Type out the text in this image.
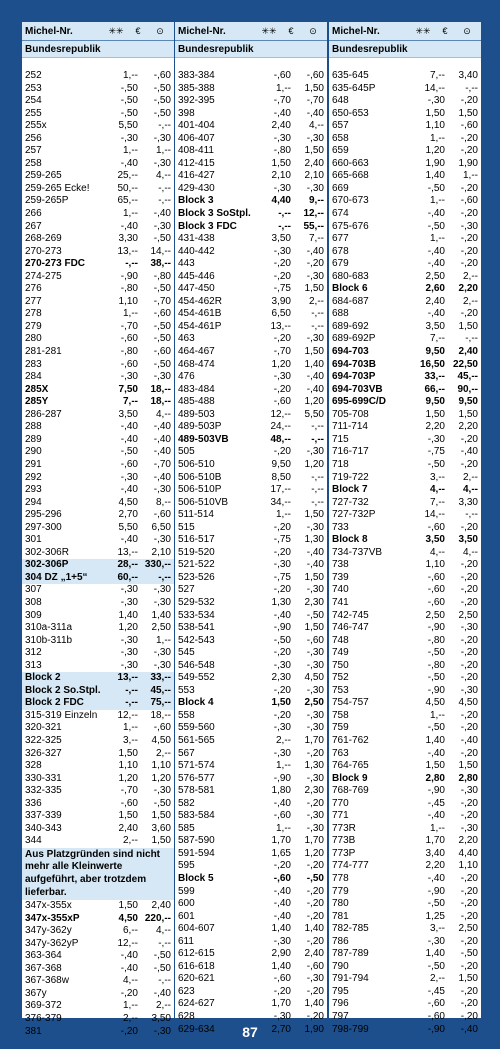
Michel-Nr.	✳✳	€	⊙
Bundesrepublik
252	1,-- -,60
253	-,50 -,50
254	-,50 -,50
255	-,50 -,50
255x	5,50 -,--
256	-,30 -,30
257	1,-- 1,--
258	-,40 -,30
259-265	25,-- 4,--
259-265 Ecke!	50,-- -,--
259-265P	65,-- -,--
266	1,-- -,40
267	-,40 -,30
268-269	3,30 -,50
270-273	13,-- 14,--
270-273 FDC	-,-- 38,--
274-275	-,90 -,80
276	-,80 -,50
277	1,10 -,70
278	1,-- -,60
279	-,70 -,50
280	-,60 -,50
281-281	-,80 -,60
283	-,60 -,50
284	-,30 -,30
285X	7,50 18,--
285Y	7,-- 18,--
286-287	3,50 4,--
288	-,40 -,40
289	-,40 -,40
290	-,50 -,40
291	-,60 -,70
292	-,30 -,40
293	-,40 -,30
294	4,50 8,--
295-296	2,70 -,60
297-300	5,50 6,50
301	-,40 -,30
302-306R	13,-- 2,10
302-306P	28,-- 330,--
304 DZ „1+5“	60,-- -,--
307	-,30 -,30
308	-,30 -,30
309	1,40 1,40
310a-311a	1,20 2,50
310b-311b	-,30 1,--
312	-,30 -,30
313	-,30 -,30
Block 2	13,-- 33,--
Block 2 So.Stpl. -,-- 45,--
Block 2 FDC	-,-- 75,--
315-319 Einzeln 12,-- 18,--
320-321	1,-- -,60
322-325	3,-- 4,50
326-327	1,50 2,--
328	1,10 1,10
330-331	1,20 1,20
332-335	-,70 -,30
336	-,60 -,50
337-339	1,50 1,50
340-343	2,40 3,60
344	2,-- 1,50
Aus Platzgründen sind nicht mehr alle Kleinwerte aufgeführt, aber trotzdem lieferbar.
347x-355x	1,50 2,40
347x-355xP	4,50 220,--
347y-362y	6,-- 4,--
347y-362yP	12,-- -,--
363-364	-,40 -,50
367-368	-,40 -,50
367-368w	4,-- -,--
367y	-,20 -,40
369-372	1,-- 2,--
376-379	2,-- 3,50
381	-,20 -,30
Michel-Nr.	✳✳	€	⊙
Bundesrepublik
383-384	-,60 -,60
385-388	1,-- 1,50
392-395	-,70 -,70
398	-,40 -,40
401-404	2,40 4,--
406-407	-,30 -,30
408-411	-,80 1,50
412-415	1,50 2,40
416-427	2,10 2,10
429-430	-,30 -,30
Block 3	4,40 9,--
Block 3 SoStpl.	-,-- 12,--
Block 3 FDC	-,-- 55,--
431-438	3,50 7,--
440-442	-,30 -,40
443	-,20 -,20
445-446	-,20 -,30
447-450	-,75 1,50
454-462R	3,90 2,--
454-461B	6,50 -,--
454-461P	13,-- -,--
463	-,20 -,30
464-467	-,70 1,50
468-474	1,20 1,40
476	-,30 -,40
483-484	-,20 -,40
485-488	-,60 1,20
489-503	12,-- 5,50
489-503P	24,-- -,--
489-503VB	48,-- -,--
505	-,20 -,30
506-510	9,50 1,20
506-510B	8,50 -,--
506-510P	17,-- -,--
506-510VB	34,-- -,--
511-514	1,-- 1,50
515	-,20 -,30
516-517	-,75 1,30
519-520	-,20 -,40
521-522	-,30 -,40
523-526	-,75 1,50
527	-,20 -,30
529-532	1,30 2,30
533-534	-,40 -,50
538-541	-,90 1,50
542-543	-,50 -,60
545	-,20 -,30
546-548	-,30 -,30
549-552	2,30 4,50
553	-,20 -,30
Block 4	1,50 2,50
558	-,20 -,30
559-560	-,30 -,30
561-565	2,-- 1,70
567	-,30 -,20
571-574	1,-- 1,30
576-577	-,90 -,30
578-581	1,80 2,30
582	-,40 -,20
583-584	-,60 -,30
585	1,-- -,30
587-590	1,70 1,70
591-594	1,65 1,20
595	-,20 -,20
Block 5	-,60 -,50
599	-,40 -,20
600	-,40 -,20
601	-,40 -,20
604-607	1,40 1,40
611	-,30 -,20
612-615	2,90 2,40
616-618	1,40 -,60
620-621	-,60 -,30
623	-,20 -,20
624-627	1,70 1,40
628	-,30 -,20
629-634	2,70 1,90
Michel-Nr.	✳✳	€	⊙
Bundesrepublik
635-645	7,-- 3,40
635-645P	14,-- -,--
648	-,30 -,20
650-653	1,50 1,50
657	1,10 -,60
658	1,-- -,20
659	1,20 -,20
660-663	1,90 1,90
665-668	1,40 1,--
669	-,50 -,20
670-673	1,-- -,60
674	-,40 -,20
675-676	-,50 -,30
677	1,-- -,20
678	-,40 -,20
679	-,40 -,20
680-683	2,50 2,--
Block 6	2,60 2,20
684-687	2,40 2,--
688	-,40 -,20
689-692	3,50 1,50
689-692P	7,-- -,--
694-703	9,50 2,40
694-703B	16,50 22,50
694-703P	33,-- 45,--
694-703VB	66,-- 90,--
695-699C/D	9,50 9,50
705-708	1,50 1,50
711-714	2,20 2,20
715	-,30 -,20
716-717	-,75 -,40
718	-,50 -,20
719-722	3,-- 2,--
Block 7	4,-- 4,--
727-732	7,-- 3,30
727-732P	14,-- -,--
733	-,60 -,20
Block 8	3,50 3,50
734-737VB	4,-- 4,--
738	1,10 -,20
739	-,60 -,20
740	-,60 -,20
741	-,60 -,20
742-745	2,50 2,50
746-747	-,90 -,30
748	-,80 -,20
749	-,50 -,20
750	-,80 -,20
752	-,50 -,20
753	-,90 -,30
754-757	4,50 4,50
758	1,-- -,20
759	-,50 -,20
761-762	1,40 -,40
763	-,40 -,20
764-765	1,50 1,50
Block 9	2,80 2,80
768-769	-,90 -,30
770	-,45 -,20
771	-,40 -,20
773R	1,-- -,30
773B	1,70 2,20
773P	3,40 4,40
774-777	2,20 1,10
778	-,40 -,20
779	-,90 -,20
780	-,50 -,20
781	1,25 -,20
782-785	3,-- 2,50
786	-,30 -,20
787-789	1,40 -,50
790	-,50 -,20
791-794	2,-- 1,50
795	-,45 -,20
796	-,60 -,20
797	-,60 -,20
798-799	-,90 -,40
87
